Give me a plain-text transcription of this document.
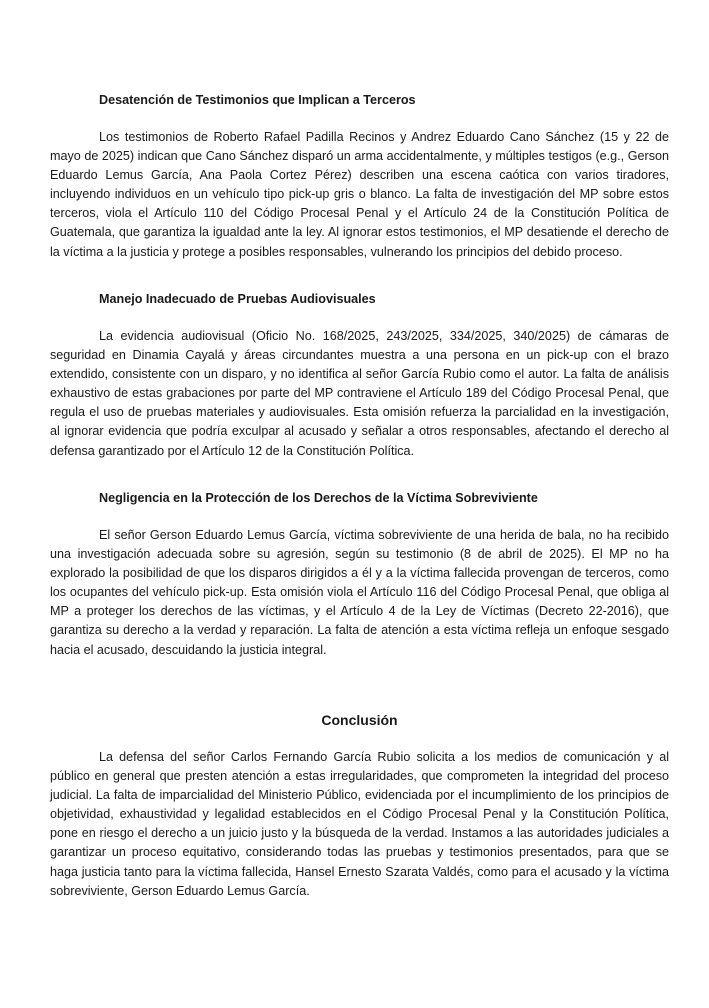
Desatención de Testimonios que Implican a Terceros

Los testimonios de Roberto Rafael Padilla Recinos y Andrez Eduardo Cano Sánchez (15 y 22 de mayo de 2025) indican que Cano Sánchez disparó un arma accidentalmente, y múltiples testigos (e.g., Gerson Eduardo Lemus García, Ana Paola Cortez Pérez) describen una escena caótica con varios tiradores, incluyendo individuos en un vehículo tipo pick-up gris o blanco. La falta de investigación del MP sobre estos terceros, viola el Artículo 110 del Código Procesal Penal y el Artículo 24 de la Constitución Política de Guatemala, que garantiza la igualdad ante la ley. Al ignorar estos testimonios, el MP desatiende el derecho de la víctima a la justicia y protege a posibles responsables, vulnerando los principios del debido proceso.

Manejo Inadecuado de Pruebas Audiovisuales

La evidencia audiovisual (Oficio No. 168/2025, 243/2025, 334/2025, 340/2025) de cámaras de seguridad en Dinamia Cayalá y áreas circundantes muestra a una persona en un pick-up con el brazo extendido, consistente con un disparo, y no identifica al señor García Rubio como el autor. La falta de análisis exhaustivo de estas grabaciones por parte del MP contraviene el Artículo 189 del Código Procesal Penal, que regula el uso de pruebas materiales y audiovisuales. Esta omisión refuerza la parcialidad en la investigación, al ignorar evidencia que podría exculpar al acusado y señalar a otros responsables, afectando el derecho al defensa garantizado por el Artículo 12 de la Constitución Política.

Negligencia en la Protección de los Derechos de la Víctima Sobreviviente

El señor Gerson Eduardo Lemus García, víctima sobreviviente de una herida de bala, no ha recibido una investigación adecuada sobre su agresión, según su testimonio (8 de abril de 2025). El MP no ha explorado la posibilidad de que los disparos dirigidos a él y a la víctima fallecida provengan de terceros, como los ocupantes del vehículo pick-up. Esta omisión viola el Artículo 116 del Código Procesal Penal, que obliga al MP a proteger los derechos de las víctimas, y el Artículo 4 de la Ley de Víctimas (Decreto 22-2016), que garantiza su derecho a la verdad y reparación. La falta de atención a esta víctima refleja un enfoque sesgado hacia el acusado, descuidando la justicia integral.

Conclusión

La defensa del señor Carlos Fernando García Rubio solicita a los medios de comunicación y al público en general que presten atención a estas irregularidades, que comprometen la integridad del proceso judicial. La falta de imparcialidad del Ministerio Público, evidenciada por el incumplimiento de los principios de objetividad, exhaustividad y legalidad establecidos en el Código Procesal Penal y la Constitución Política, pone en riesgo el derecho a un juicio justo y la búsqueda de la verdad. Instamos a las autoridades judiciales a garantizar un proceso equitativo, considerando todas las pruebas y testimonios presentados, para que se haga justicia tanto para la víctima fallecida, Hansel Ernesto Szarata Valdés, como para el acusado y la víctima sobreviviente, Gerson Eduardo Lemus García.
